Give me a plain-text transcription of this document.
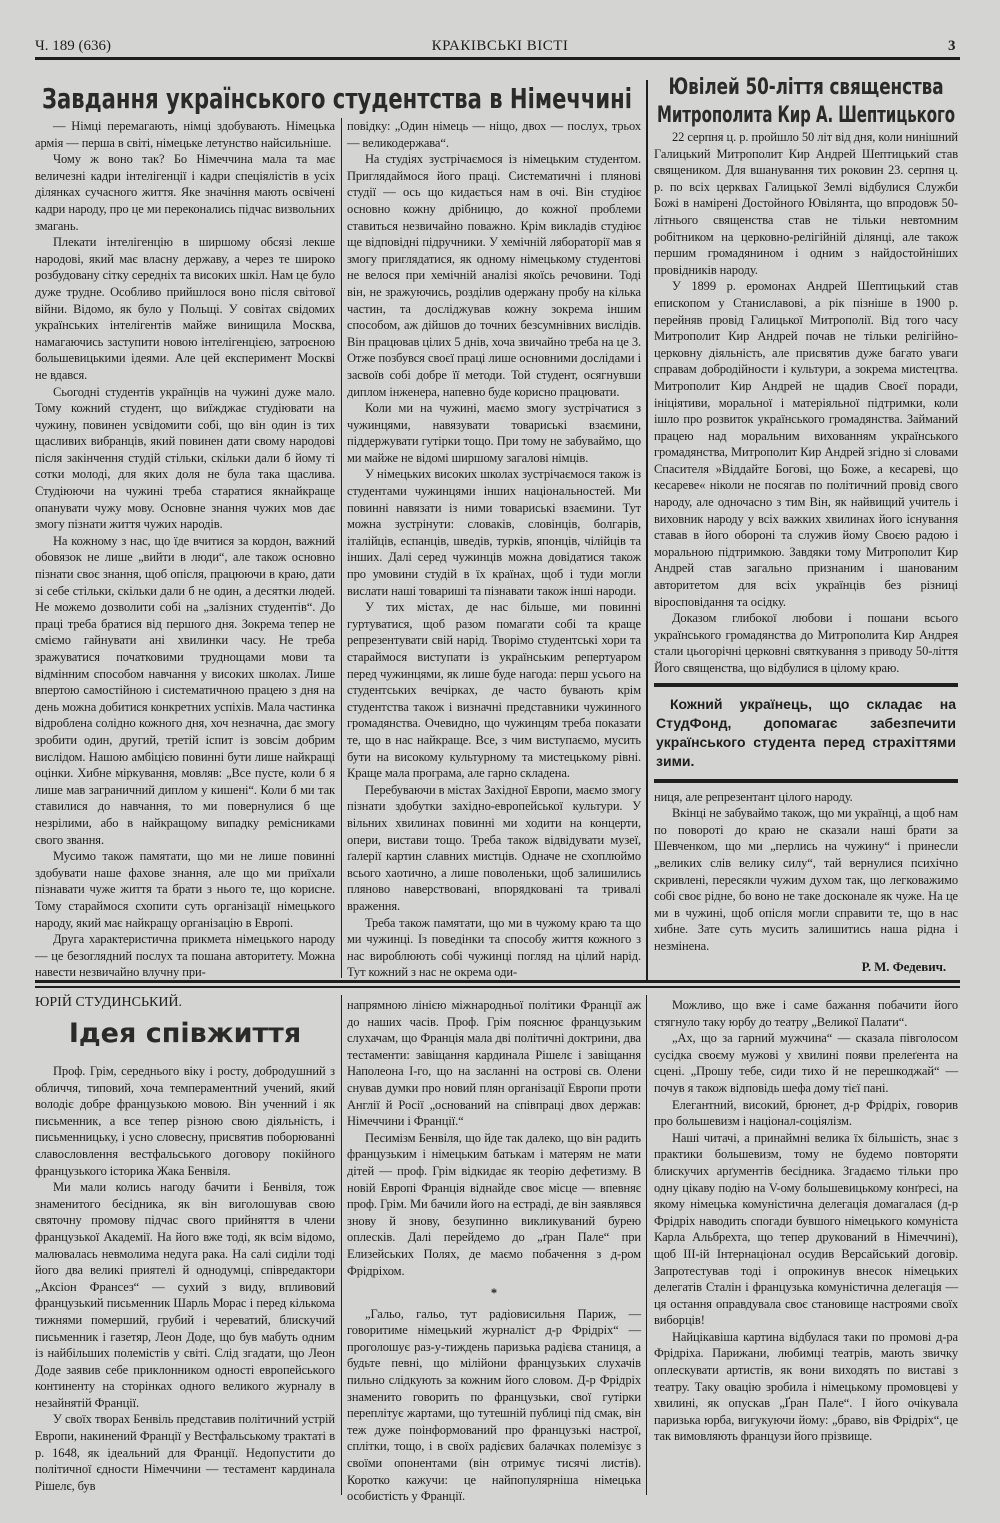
Ч. 189 (636)	КРАКІВСЬКІ ВІСТІ	3
Завдання українського студентства в Німеччині

— Німці перемагають, німці здобувають. Німецька армія — перша в світі, німецьке летунство найсильніше.

Чому ж воно так? Бо Німеччина мала та має величезні кадри інтелігенції і кадри спеціялістів в усіх ділянках сучасного життя. Яке значіння мають освічені кадри народу, про це ми переконались підчас визвольних змагань.

Плекати інтелігенцію в ширшому обсязі лекше народові, який має власну державу, а через те широко розбудовану сітку середніх та високих шкіл. Нам це було дуже трудне. Особливо прийшлося воно після світової війни. Відомо, як було у Польщі. У совітах свідомих українських інтелігентів майже винищила Москва, намагаючись заступити новою інтелігенцією, затроєною большевицькими ідеями. Але цей експеримент Москві не вдався.

Сьогодні студентів українців на чужині дуже мало. Тому кожний студент, що виїжджає студіювати на чужину, повинен усвідомити собі, що він один із тих щасливих вибранців, який повинен дати свому народові після закінчення студій стільки, скільки дали б йому ті сотки молоді, для яких доля не була така щаслива. Студіюючи на чужині треба старатися якнайкраще опанувати чужу мову. Основне знання чужих мов дає змогу пізнати життя чужих народів.

На кожному з нас, що їде вчитися за кордон, важний обовязок не лише „вийти в люди“, але також основно пізнати своє знання, щоб опісля, працюючи в краю, дати зі себе стільки, скільки дали б не один, а десятки людей. Не можемо дозволити собі на „залізних студентів“. До праці треба братися від першого дня. Зокрема тепер не сміємо гайнувати ані хвилинки часу. Не треба зражуватися початковими труднощами мови та відмінним способом навчання у високих школах. Лише впертою самостійною і систематичною працею з дня на день можна добитися конкретних успіхів. Мала частинка відроблена солідно кожного дня, хоч незначна, дає змогу зробити один, другий, третій іспит із зовсім добрим вислідом. Нашою амбіцією повинні бути лише найкращі оцінки. Хибне міркування, мовляв: „Все пусте, коли б я лише мав заграничний диплом у кишені“. Коли б ми так ставилися до навчання, то ми повернулися б ще незрілими, або в найкращому випадку ремісниками свого звання.

Мусимо також памятати, що ми не лише повинні здобувати наше фахове знання, але що ми приїхали пізнавати чуже життя та брати з нього те, що корисне. Тому стараймося схопити суть організації німецького народу, який має найкращу організацію в Европі.

Друга характеристична прикмета німецького народу — це безоглядний послух та пошана авторитету. Можна навести незвичайно влучну при-

повідку: „Один німець — ніщо, двох — послух, трьох — великодержава“.

На студіях зустрічаємося із німецьким студентом. Приглядаймося його праці. Систематичні і плянові студії — ось що кидається нам в очі. Він студіює основно кожну дрібницю, до кожної проблеми ставиться незвичайно поважно. Крім викладів студіює ще відповідні підручники. У хемічній лябораторії мав я змогу приглядатися, як одному німецькому студентові не велося при хемічній аналізі якоїсь речовини. Тоді він, не зражуючись, розділив одержану пробу на кілька частин, та досліджував кожну зокрема іншим способом, аж дійшов до точних безсумнівних вислідів. Він працював цілих 5 днів, хоча звичайно треба на це 3. Отже позбувся своєї праці лише основними дослідами і засвоїв собі добре її методи. Той студент, осягнувши диплом інженера, напевно буде корисно працювати.

Коли ми на чужині, маємо змогу зустрічатися з чужинцями, навязувати товариські взаємини, піддержувати гутірки тощо. При тому не забуваймо, що ми майже не відомі ширшому загалові німців.

У німецьких високих школах зустрічаємося також із студентами чужинцями інших національностей. Ми повинні навязати із ними товариські взаємини. Тут можна зустрінути: словаків, словінців, болгарів, італійців, еспанців, шведів, турків, японців, чілійців та інших. Далі серед чужинців можна довідатися також про умовини студій в їх країнах, щоб і туди могли вислати наші товариші та пізнавати також інші народи.

У тих містах, де нас більше, ми повинні гуртуватися, щоб разом помагати собі та краще репрезентувати свій нарід. Творімо студентські хори та стараймося виступати із українським репертуаром перед чужинцями, як лише буде нагода: перш усього на студентських вечірках, де часто бувають крім студентства також і визначні представники чужинного громадянства. Очевидно, що чужинцям треба показати те, що в нас найкраще. Все, з чим виступаємо, мусить бути на високому культурному та мистецькому рівні. Краще мала програма, але гарно складена.

Перебуваючи в містах Західної Европи, маємо змогу пізнати здобутки західно-европейської культури. У вільних хвилинах повинні ми ходити на концерти, опери, вистави тощо. Треба також відвідувати музеї, ґалерії картин славних мистців. Одначе не схоплюймо всього хаотично, а лише поволеньки, щоб залишились пляново наверствовані, впорядковані та тривалі враження.

Треба також памятати, що ми в чужому краю та що ми чужинці. Із поведінки та способу життя кожного з нас вироблюють собі чужинці погляд на цілий нарід. Тут кожний з нас не окрема оди-

Ювілей 50-ліття священства
Митрополита Кир А. Шептицького

22 серпня ц. р. пройшло 50 літ від дня, коли нинішний Галицький Митрополит Кир Андрей Шептицький став священиком. Для вшанування тих роковин 23. серпня ц. р. по всіх церквах Галицької Землі відбулися Служби Божі в намірені Достойного Ювілянта, що впродовж 50-літнього священства став не тільки невтомним робітником на церковно-релігійній ділянці, але також першим громадянином і одним з найдостойніших провідників народу.

У 1899 р. еромонах Андрей Шептицький став епископом у Станиславові, а рік пізніше в 1900 р. перейняв провід Галицької Митрополії. Від того часу Митрополит Кир Андрей почав не тільки релігійно-церковну діяльність, але присвятив дуже багато уваги справам добродійности і культури, а зокрема мистецтва. Митрополит Кир Андрей не щадив Своєї поради, ініціятиви, моральної і матеріяльної підтримки, коли ішло про розвиток українського громадянства. Займаний працею над моральним вихованням українського громадянства, Митрополит Кир Андрей згідно зі словами Спасителя »Віддайте Богові, що Боже, а кесареві, що кесареве« ніколи не посягав по політичний провід свого народу, але одночасно з тим Він, як найвищий учитель і виховник народу у всіх важких хвилинах його існування ставав в його обороні та служив йому Своєю радою і моральною підтримкою. Завдяки тому Митрополит Кир Андрей став загально признаним і шанованим авторитетом для всіх українців без різниці віросповідання та осідку.

Доказом глибокої любови і пошани всього українського громадянства до Митрополита Кир Андрея стали цьогорічні церковні святкування з приводу 50-ліття Його священства, що відбулися в цілому краю.

Кожний українець, що складає на СтудФонд, допомагає забезпечити українського студента перед страхіттями зими.

ниця, але репрезентант цілого народу.

Вкінці не забуваймо також, що ми українці, а щоб нам по повороті до краю не сказали наші брати за Шевченком, що ми „перлись на чужину“ і принесли „великих слів велику силу“, тай вернулися психічно скривлені, пересякли чужим духом так, що легковажимо собі своє рідне, бо воно не таке досконале як чуже. На це ми в чужині, щоб опісля могли справити те, що в нас хибне. Зате суть мусить залишитись наша рідна і незмінена.

Р. М. Федевич.
ЮРІЙ СТУДИНСЬКИЙ.
Ідея співжиття

Проф. Грім, середнього віку і росту, добродушний з обличчя, типовий, хоча темпераментний учений, який володіє добре французькою мовою. Він ученний і як письменник, а все тепер різною свою діяльність, і письменницьку, і усно словесну, присвятив поборюванні славословлення вестфальського договору покійного французького історика Жака Бенвіля.

Ми мали колись нагоду бачити і Бенвіля, тож знаменитого бесідника, як він виголошував свою святочну промову підчас свого прийняття в члени французької Академії. На його вже тоді, як всім відомо, малювалась невмолима недуга рака. На салі сиділи тоді його два великі приятелі й однодумці, співредактори „Аксіон Франсез“ — сухий з виду, впливовий французький письменник Шарль Морас і перед кількома тижнями померший, грубий і череватий, блискучий письменник і газетяр, Леон Доде, що був мабуть одним із найбільших полемістів у світі. Слід згадати, що Леон Доде заявив себе приклонником одності европейського континенту на сторінках одного великого журналу в незайнятій Франції.

У своїх творах Бенвіль представив політичний устрій Европи, накинений Франції у Вестфальському трактаті в р. 1648, як ідеальний для Франції. Недопустити до політичної єдности Німеччини — тестамент кардинала Рішелє, був

напрямною лінією міжнародньої політики Франції аж до наших часів. Проф. Грім пояснює французьким слухачам, що Франція мала дві політичні доктрини, два тестаменти: завіщання кардинала Рішелє і завіщання Наполеона І-го, що на засланні на острові св. Олени снував думки про новий плян організації Европи проти Англії й Росії „оснований на співпраці двох держав: Німеччини і Франції.“

Песимізм Бенвіля, що йде так далеко, що він радить французьким і німецьким батькам і матерям не мати дітей — проф. Грім відкидає як теорію дефетизму. В новій Европі Франція віднайде своє місце — впевняє проф. Грім. Ми бачили його на естраді, де він заявлявся знову й знову, безупинно викликуваний бурею оплесків. Далі перейдемо до „ґран Пале“ при Елизейських Полях, де маємо побачення з д-ром Фрідріхом.

*

„Гальо, гальо, тут радіовисильня Париж, — говоритиме німецький журналіст д-р Фрідріх“ — проголошує раз-у-тиждень паризька радієва станиця, а будьте певні, що мілійони французьких слухачів пильно слідкують за кожним його словом. Д-р Фрідріх знаменито говорить по французьки, свої гутірки переплітує жартами, що тутешній публиці під смак, він теж дуже поінформований про французькі настрої, сплітки, тощо, і в своїх радієвих балачках полемізує з своїми опонентами (він отримує тисячі листів). Коротко кажучи: це найпопулярніша німецька особистість у Франції.

Можливо, що вже і саме бажання побачити його стягнуло таку юрбу до театру „Великої Палати“.

„Ах, що за гарний мужчина“ — сказала півголосом сусідка своєму мужові у хвилині появи прелеґента на сцені. „Прошу тебе, сиди тихо й не перешкоджай“ — почув я також відповідь шефа дому тієї пані.

Елегантний, високий, брюнет, д-р Фрідріх, говорив про большевизм і націонал-соціялізм.

Наші читачі, а принаймні велика їх більшість, знає з практики большевизм, тому не будемо повторяти блискучих арґументів бесідника. Згадаємо тільки про одну цікаву подію на V-ому большевицькому конґресі, на якому німецька комуністична делегація домагалася (д-р Фрідріх наводить спогади бувшого німецького комуніста Карла Альбрехта, що тепер друкований в Німеччині), щоб ІІІ-ій Інтернаціонал осудив Версайський договір. Запротестував тоді і опрокинув внесок німецьких делегатів Сталін і французька комуністична делегація — ця остання оправдувала своє становище настроями своїх виборців!

Найцікавіша картина відбулася таки по промові д-ра Фрідріха. Парижани, любимці театрів, мають звичку оплескувати артистів, як вони виходять по виставі з театру. Таку овацію зробила і німецькому промовцеві у хвилині, як опускав „Ґран Пале“. І його очікувала паризька юрба, вигукуючи йому: „браво, вів Фрідріх“, це так вимовляють французи його прізвище.
